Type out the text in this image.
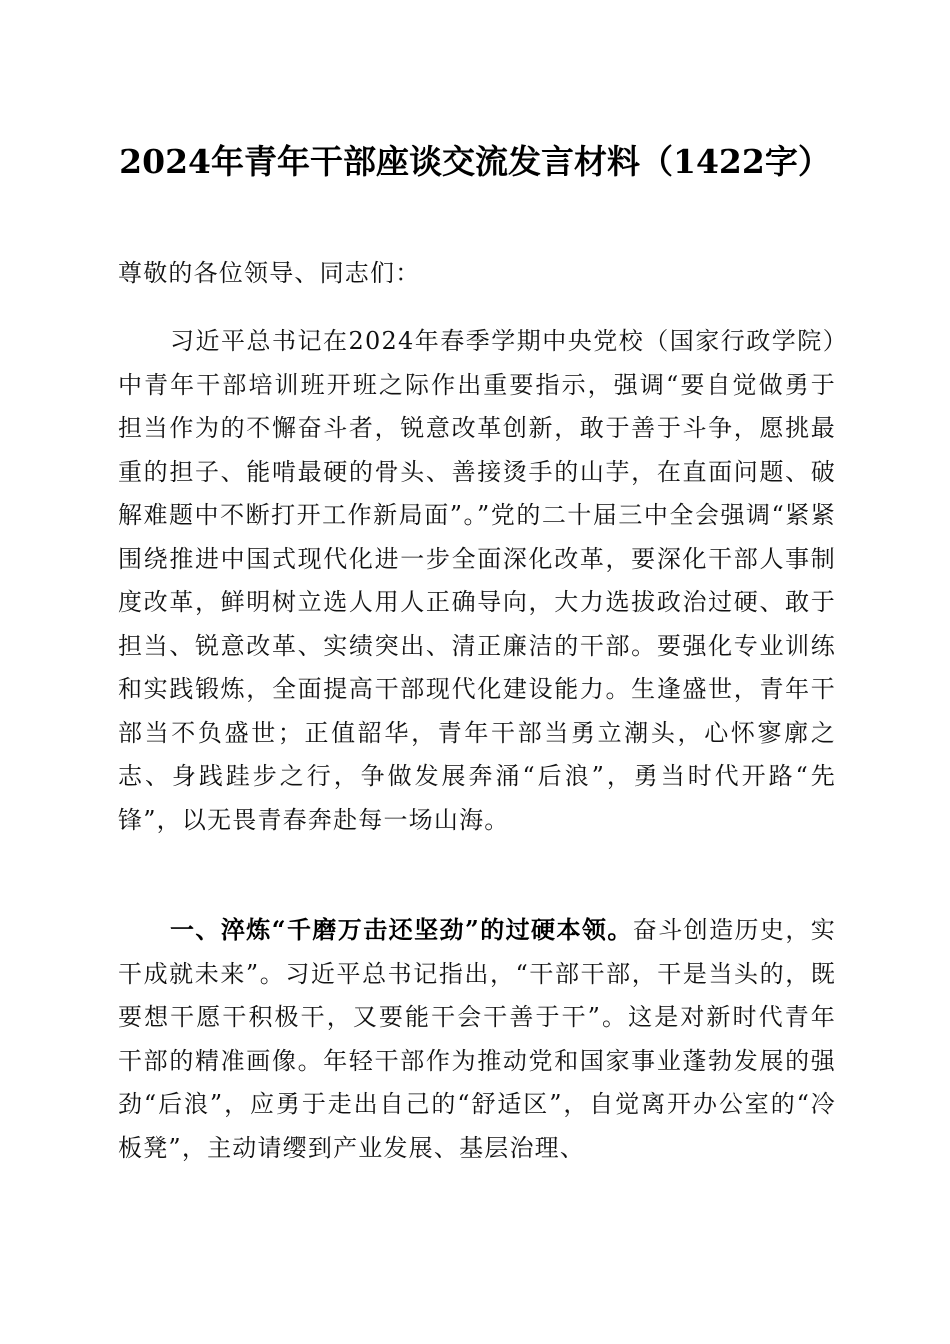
2024年青年干部座谈交流发言材料（1422字）

尊敬的各位领导、同志们：

习近平总书记在2024年春季学期中央党校（国家行政学院）中青年干部培训班开班之际作出重要指示，强调“要自觉做勇于担当作为的不懈奋斗者，锐意改革创新，敢于善于斗争，愿挑最重的担子、能啃最硬的骨头、善接烫手的山芋，在直面问题、破解难题中不断打开工作新局面”。”党的二十届三中全会强调“紧紧围绕推进中国式现代化进一步全面深化改革，要深化干部人事制度改革，鲜明树立选人用人正确导向，大力选拔政治过硬、敢于担当、锐意改革、实绩突出、清正廉洁的干部。要强化专业训练和实践锻炼，全面提高干部现代化建设能力。生逢盛世，青年干部当不负盛世；正值韶华，青年干部当勇立潮头，心怀寥廓之志、身践跬步之行，争做发展奔涌“后浪”，勇当时代开路“先锋”，以无畏青春奔赴每一场山海。

一、淬炼“千磨万击还坚劲”的过硬本领。奋斗创造历史，实干成就未来”。习近平总书记指出，“干部干部，干是当头的，既要想干愿干积极干，又要能干会干善于干”。这是对新时代青年干部的精准画像。年轻干部作为推动党和国家事业蓬勃发展的强劲“后浪”，应勇于走出自己的“舒适区”，自觉离开办公室的“冷板凳”，主动请缨到产业发展、基层治理、
